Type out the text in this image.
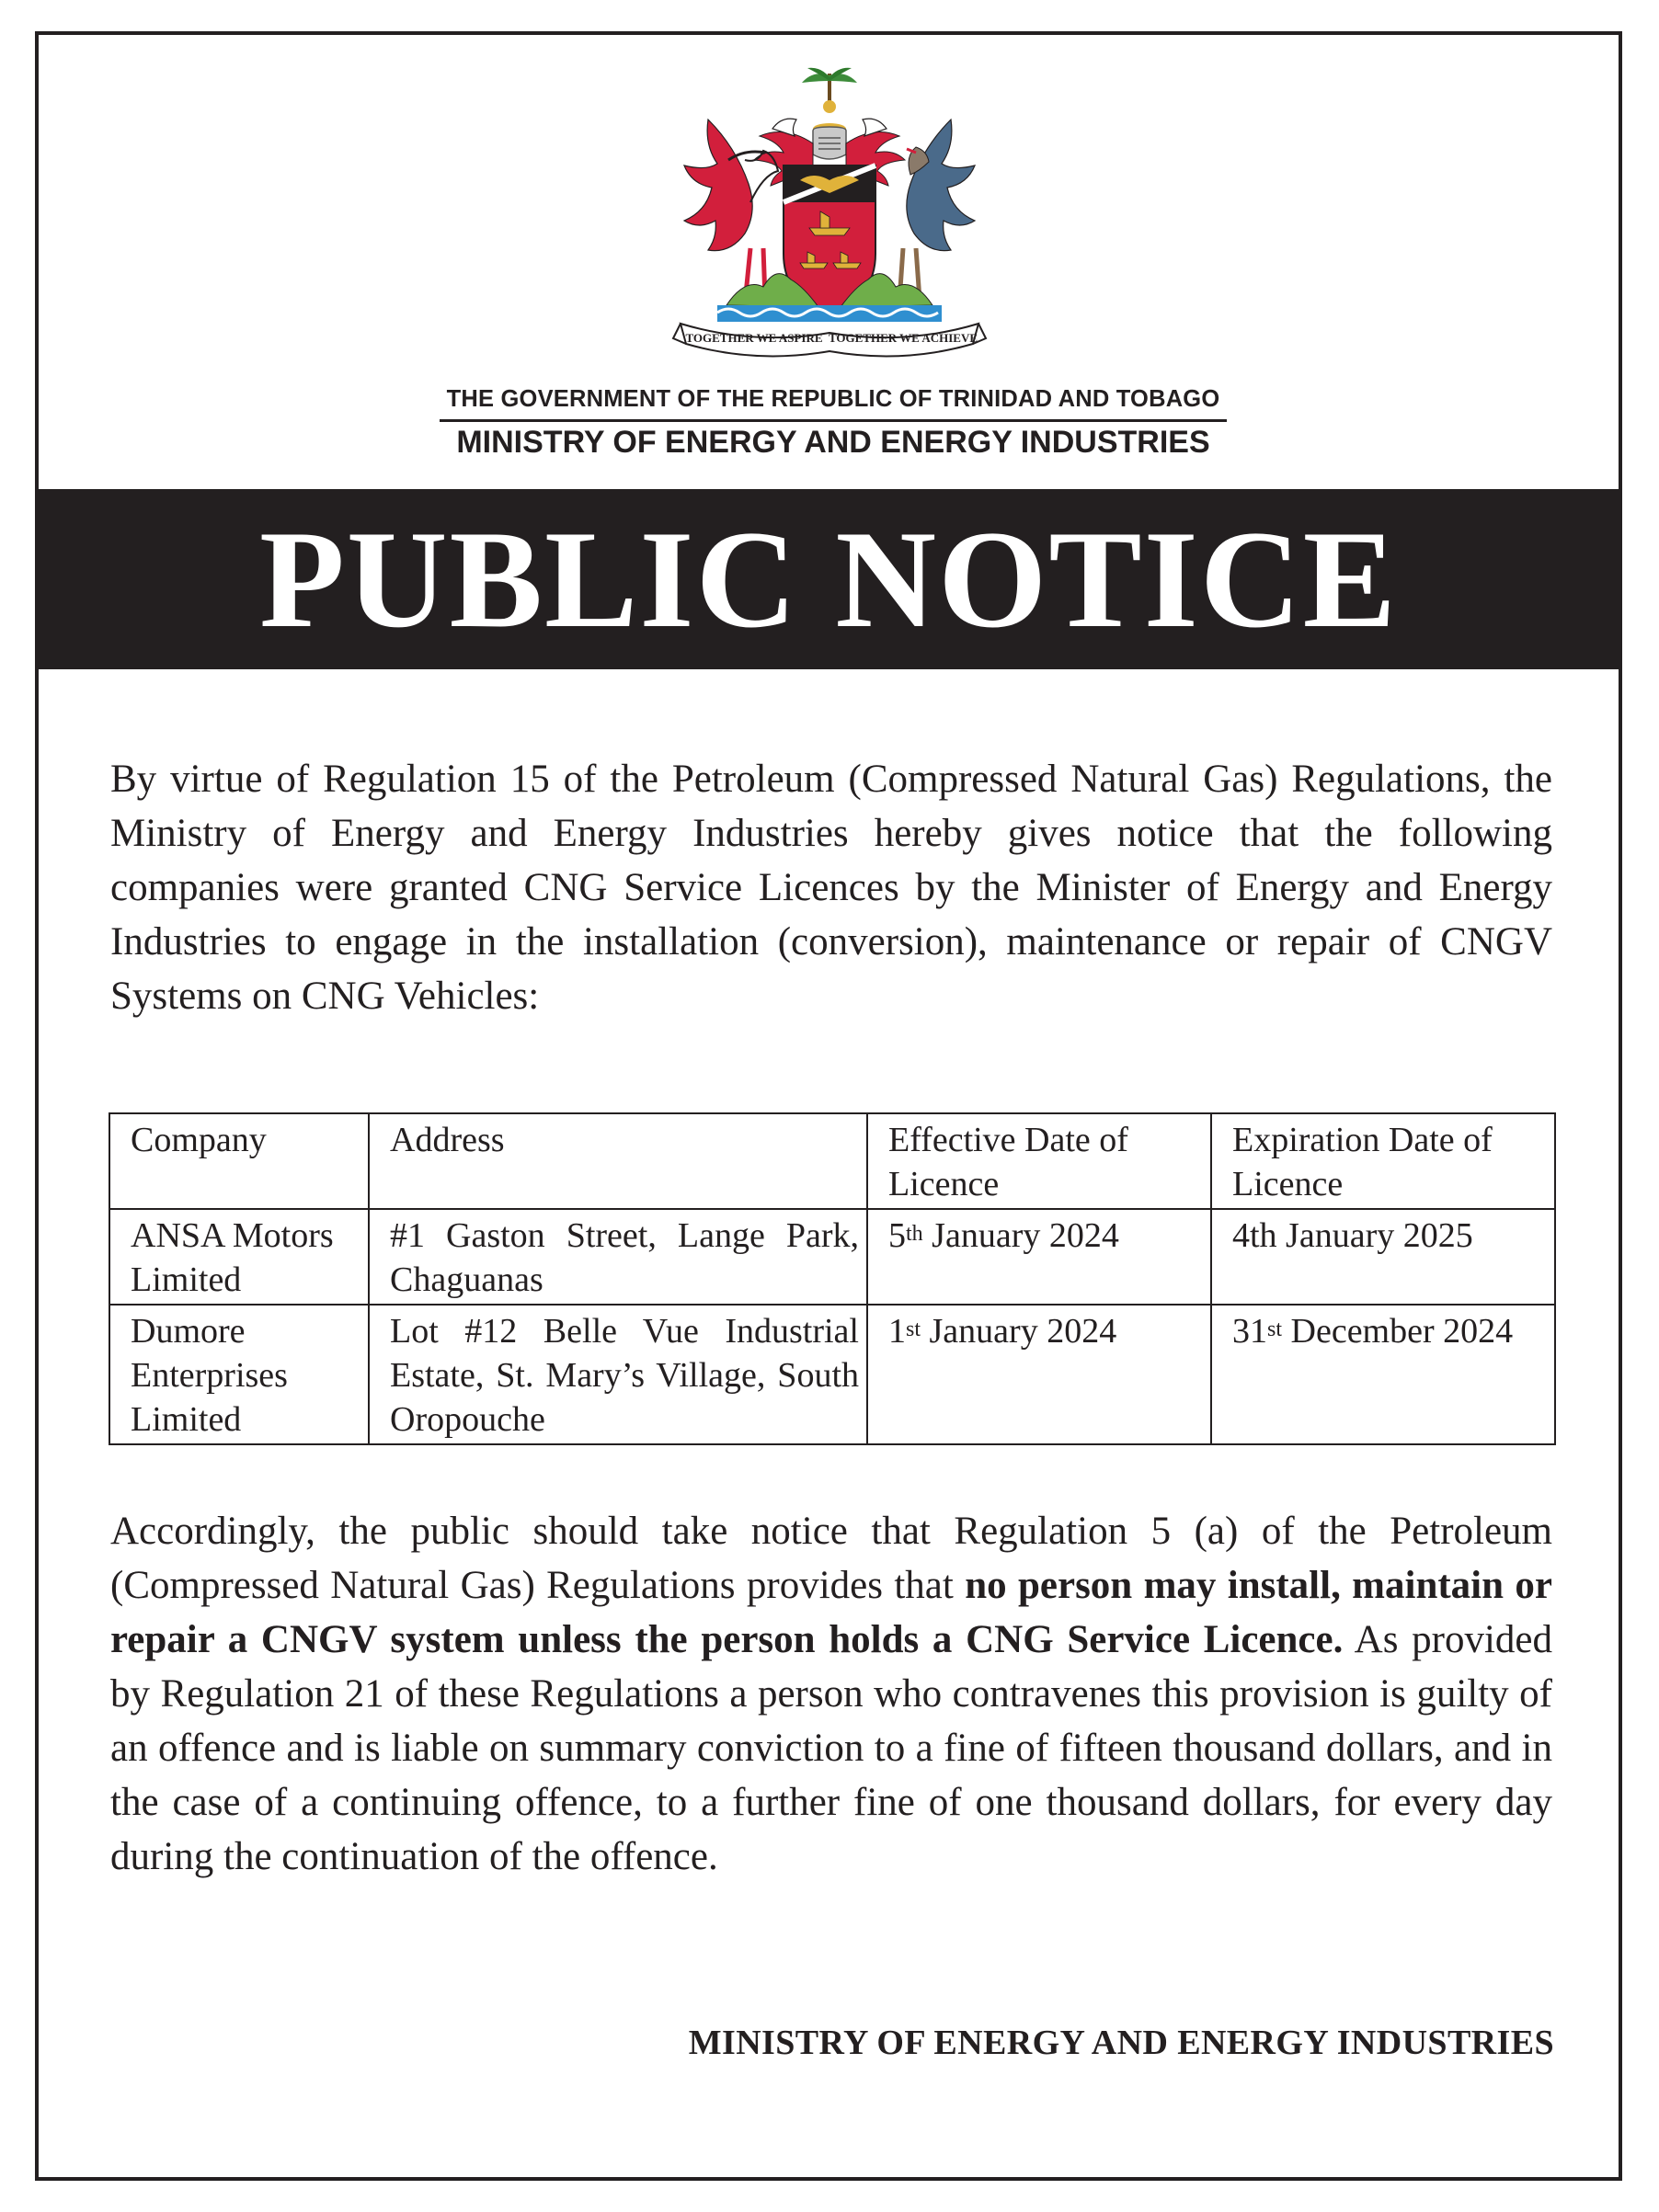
TOGETHER WE ASPIRE TOGETHER WE ACHIEVE
THE GOVERNMENT OF THE REPUBLIC OF TRINIDAD AND TOBAGO
MINISTRY OF ENERGY AND ENERGY INDUSTRIES
PUBLIC NOTICE
By virtue of Regulation 15 of the Petroleum (Compressed Natural Gas) Regulations, the Ministry of Energy and Energy Industries hereby gives notice that the following companies were granted CNG Service Licences by the Minister of Energy and Energy Industries to engage in the installation (conversion), maintenance or repair of CNGV Systems on CNG Vehicles:
Company	Address	Effective Date of Licence	Expiration Date of Licence
ANSA Motors Limited	#1 Gaston Street, Lange Park, Chaguanas	5th January 2024	4th January 2025
Dumore Enterprises Limited	Lot #12 Belle Vue Industrial Estate, St. Mary’s Village, South Oropouche	1st January 2024	31st December 2024
Accordingly, the public should take notice that Regulation 5 (a) of the Petroleum (Compressed Natural Gas) Regulations provides that no person may install, maintain or repair a CNGV system unless the person holds a CNG Service Licence. As provided by Regulation 21 of these Regulations a person who contravenes this provision is guilty of an offence and is liable on summary conviction to a fine of fifteen thousand dollars, and in the case of a continuing offence, to a further fine of one thousand dollars, for every day during the continuation of the offence.
MINISTRY OF ENERGY AND ENERGY INDUSTRIES
